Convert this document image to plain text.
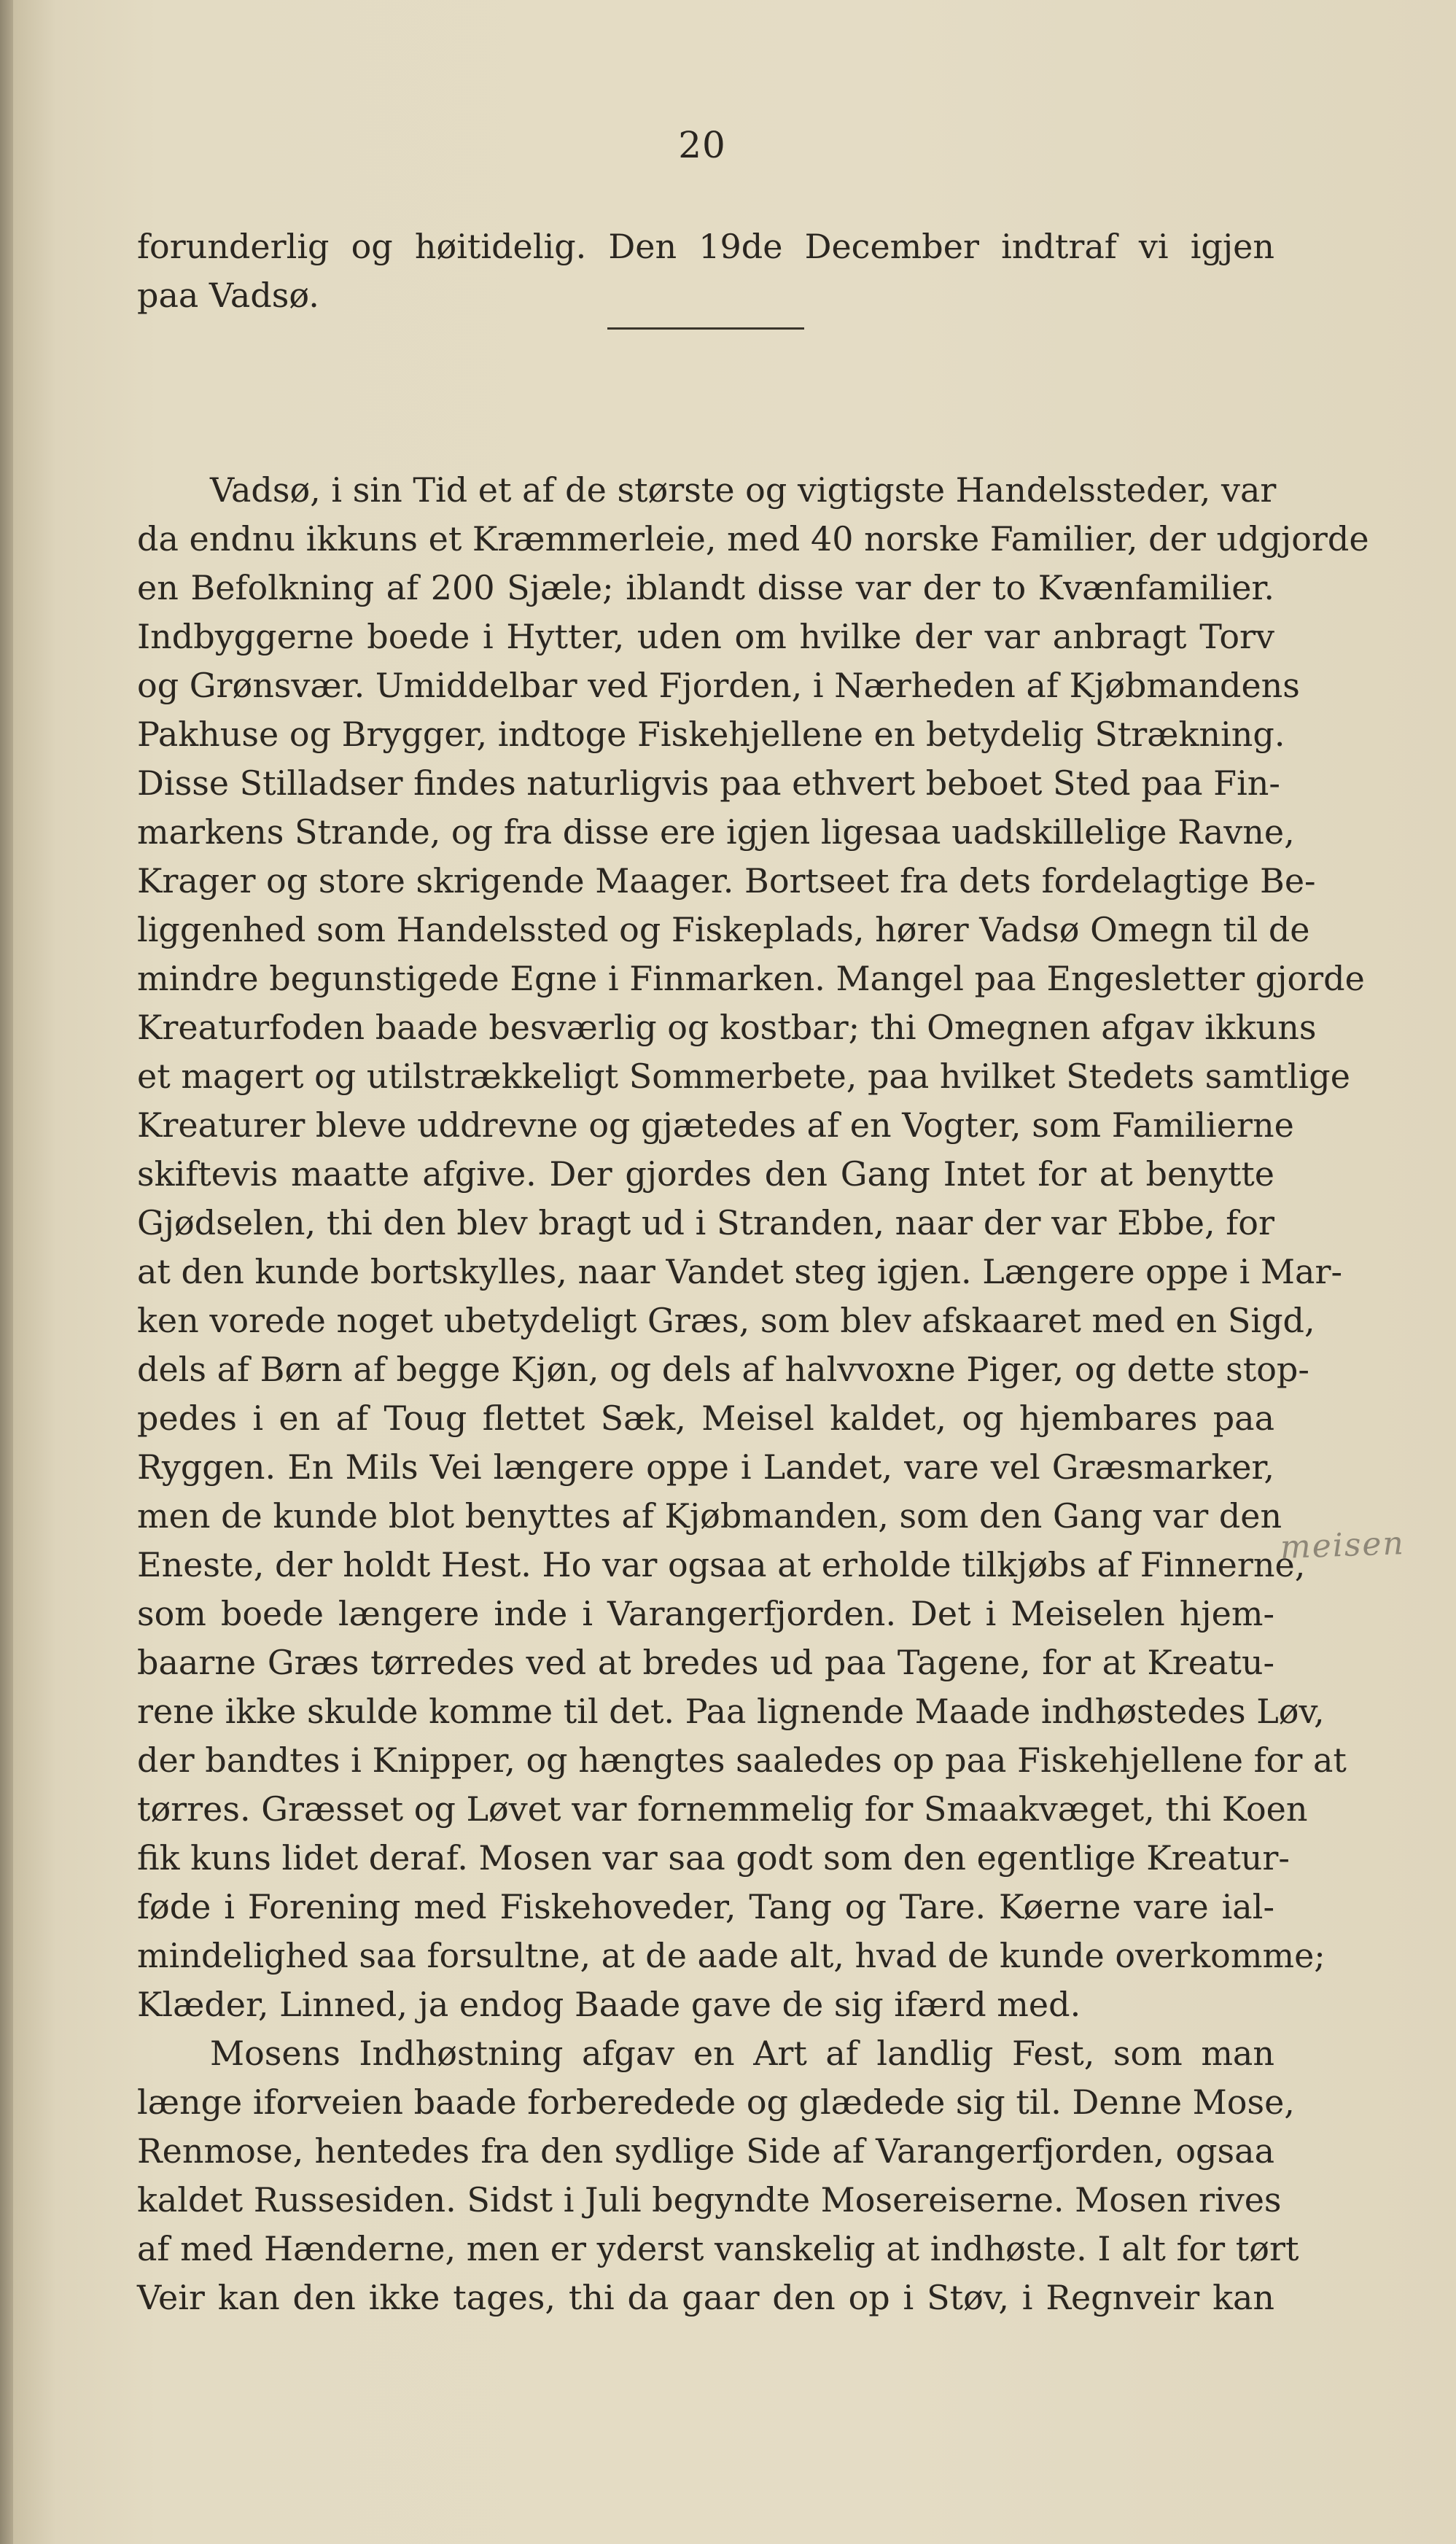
20
forunderlig og høitidelig. Den 19de December indtraf vi igjen
paa Vadsø.
Vadsø, i sin Tid et af de største og vigtigste Handelssteder, var
da endnu ikkuns et Kræmmerleie, med 40 norske Familier, der udgjorde
en Befolkning af 200 Sjæle; iblandt disse var der to Kvænfamilier.
Indbyggerne boede i Hytter, uden om hvilke der var anbragt Torv
og Grønsvær. Umiddelbar ved Fjorden, i Nærheden af Kjøbmandens
Pakhuse og Brygger, indtoge Fiskehjellene en betydelig Strækning.
Disse Stilladser findes naturligvis paa ethvert beboet Sted paa Fin-
markens Strande, og fra disse ere igjen ligesaa uadskillelige Ravne,
Krager og store skrigende Maager. Bortseet fra dets fordelagtige Be-
liggenhed som Handelssted og Fiskeplads, hører Vadsø Omegn til de
mindre begunstigede Egne i Finmarken. Mangel paa Engesletter gjorde
Kreaturfoden baade besværlig og kostbar; thi Omegnen afgav ikkuns
et magert og utilstrækkeligt Sommerbete, paa hvilket Stedets samtlige
Kreaturer bleve uddrevne og gjætedes af en Vogter, som Familierne
skiftevis maatte afgive. Der gjordes den Gang Intet for at benytte
Gjødselen, thi den blev bragt ud i Stranden, naar der var Ebbe, for
at den kunde bortskylles, naar Vandet steg igjen. Længere oppe i Mar-
ken vorede noget ubetydeligt Græs, som blev afskaaret med en Sigd,
dels af Børn af begge Kjøn, og dels af halvvoxne Piger, og dette stop-
pedes i en af Toug flettet Sæk, Meisel kaldet, og hjembares paa
Ryggen. En Mils Vei længere oppe i Landet, vare vel Græsmarker,
men de kunde blot benyttes af Kjøbmanden, som den Gang var den
Eneste, der holdt Hest. Ho var ogsaa at erholde tilkjøbs af Finnerne,
som boede længere inde i Varangerfjorden. Det i Meiselen hjem-
baarne Græs tørredes ved at bredes ud paa Tagene, for at Kreatu-
rene ikke skulde komme til det. Paa lignende Maade indhøstedes Løv,
der bandtes i Knipper, og hængtes saaledes op paa Fiskehjellene for at
tørres. Græsset og Løvet var fornemmelig for Smaakvæget, thi Koen
fik kuns lidet deraf. Mosen var saa godt som den egentlige Kreatur-
føde i Forening med Fiskehoveder, Tang og Tare. Køerne vare ial-
mindelighed saa forsultne, at de aade alt, hvad de kunde overkomme;
Klæder, Linned, ja endog Baade gave de sig ifærd med.
Mosens Indhøstning afgav en Art af landlig Fest, som man
længe iforveien baade forberedede og glædede sig til. Denne Mose,
Renmose, hentedes fra den sydlige Side af Varangerfjorden, ogsaa
kaldet Russesiden. Sidst i Juli begyndte Mosereiserne. Mosen rives
af med Hænderne, men er yderst vanskelig at indhøste. I alt for tørt
Veir kan den ikke tages, thi da gaar den op i Støv, i Regnveir kan
meisen
